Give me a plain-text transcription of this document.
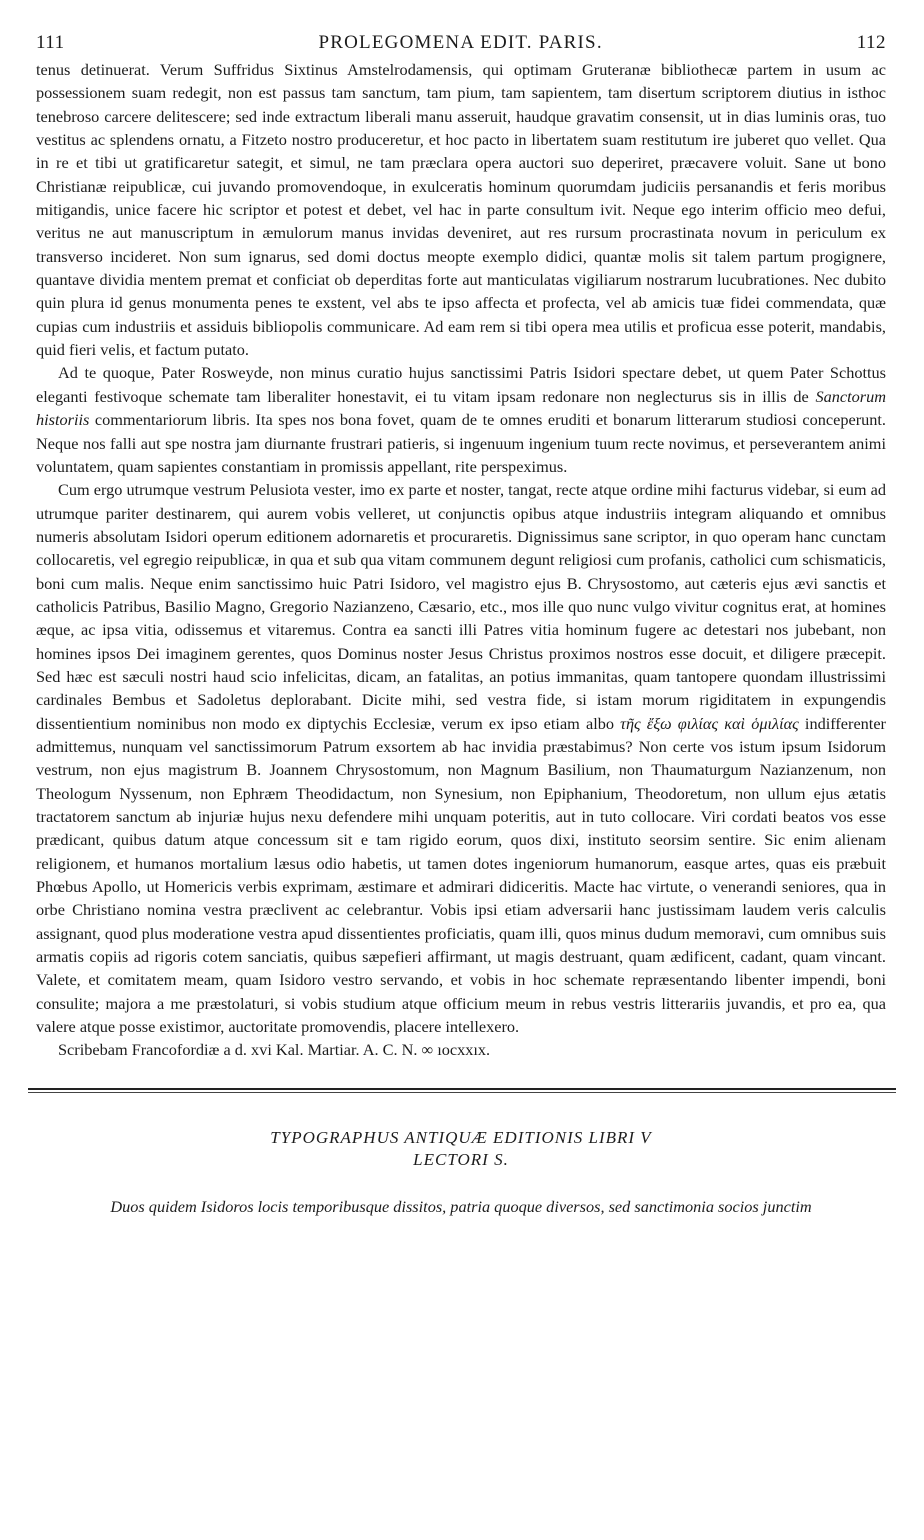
111	PROLEGOMENA EDIT. PARIS.	112

tenus detinuerat. Verum Suffridus Sixtinus Amstelrodamensis, qui optimam Gruteranæ bibliothecæ partem in usum ac possessionem suam redegit, non est passus tam sanctum, tam pium, tam sapientem, tam disertum scriptorem diutius in isthoc tenebroso carcere delitescere; sed inde extractum liberali manu asseruit, haudque gravatim consensit, ut in dias luminis oras, tuo vestitus ac splendens ornatu, a Fitzeto nostro produceretur, et hoc pacto in libertatem suam restitutum ire juberet quo vellet. Qua in re et tibi ut gratificaretur sategit, et simul, ne tam præclara opera auctori suo deperiret, præcavere voluit. Sane ut bono Christianæ reipublicæ, cui juvando promovendoque, in exulceratis hominum quorumdam judiciis persanandis et feris moribus mitigandis, unice facere hic scriptor et potest et debet, vel hac in parte consultum ivit. Neque ego interim officio meo defui, veritus ne aut manuscriptum in æmulorum manus invidas deveniret, aut res rursum procrastinata novum in periculum ex transverso incideret. Non sum ignarus, sed domi doctus meopte exemplo didici, quantæ molis sit talem partum progignere, quantave dividia mentem premat et conficiat ob deperditas forte aut manticulatas vigiliarum nostrarum lucubrationes. Nec dubito quin plura id genus monumenta penes te exstent, vel abs te ipso affecta et profecta, vel ab amicis tuæ fidei commendata, quæ cupias cum industriis et assiduis bibliopolis communicare. Ad eam rem si tibi opera mea utilis et proficua esse poterit, mandabis, quid fieri velis, et factum putato.

Ad te quoque, Pater Rosweyde, non minus curatio hujus sanctissimi Patris Isidori spectare debet, ut quem Pater Schottus eleganti festivoque schemate tam liberaliter honestavit, ei tu vitam ipsam redonare non neglecturus sis in illis de Sanctorum historiis commentariorum libris. Ita spes nos bona fovet, quam de te omnes eruditi et bonarum litterarum studiosi conceperunt. Neque nos falli aut spe nostra jam diurnante frustrari patieris, si ingenuum ingenium tuum recte novimus, et perseverantem animi voluntatem, quam sapientes constantiam in promissis appellant, rite perspeximus.

Cum ergo utrumque vestrum Pelusiota vester, imo ex parte et noster, tangat, recte atque ordine mihi facturus videbar, si eum ad utrumque pariter destinarem, qui aurem vobis velleret, ut conjunctis opibus atque industriis integram aliquando et omnibus numeris absolutam Isidori operum editionem adornaretis et procuraretis. Dignissimus sane scriptor, in quo operam hanc cunctam collocaretis, vel egregio reipublicæ, in qua et sub qua vitam communem degunt religiosi cum profanis, catholici cum schismaticis, boni cum malis. Neque enim sanctissimo huic Patri Isidoro, vel magistro ejus B. Chrysostomo, aut cæteris ejus ævi sanctis et catholicis Patribus, Basilio Magno, Gregorio Nazianzeno, Cæsario, etc., mos ille quo nunc vulgo vivitur cognitus erat, at homines æque, ac ipsa vitia, odissemus et vitaremus. Contra ea sancti illi Patres vitia hominum fugere ac detestari nos jubebant, non homines ipsos Dei imaginem gerentes, quos Dominus noster Jesus Christus proximos nostros esse docuit, et diligere præcepit. Sed hæc est sæculi nostri haud scio infelicitas, dicam, an fatalitas, an potius immanitas, quam tantopere quondam illustrissimi cardinales Bembus et Sadoletus deplorabant. Dicite mihi, sed vestra fide, si istam morum rigiditatem in expungendis dissentientium nominibus non modo ex diptychis Ecclesiæ, verum ex ipso etiam albo τῆς ἔξω φιλίας καὶ ὁμιλίας indifferenter admittemus, nunquam vel sanctissimorum Patrum exsortem ab hac invidia præstabimus? Non certe vos istum ipsum Isidorum vestrum, non ejus magistrum B. Joannem Chrysostomum, non Magnum Basilium, non Thaumaturgum Nazianzenum, non Theologum Nyssenum, non Ephræm Theodidactum, non Synesium, non Epiphanium, Theodoretum, non ullum ejus ætatis tractatorem sanctum ab injuriæ hujus nexu defendere mihi unquam poteritis, aut in tuto collocare. Viri cordati beatos vos esse prædicant, quibus datum atque concessum sit e tam rigido eorum, quos dixi, instituto seorsim sentire. Sic enim alienam religionem, et humanos mortalium læsus odio habetis, ut tamen dotes ingeniorum humanorum, easque artes, quas eis præbuit Phœbus Apollo, ut Homericis verbis exprimam, æstimare et admirari didiceritis. Macte hac virtute, o venerandi seniores, qua in orbe Christiano nomina vestra præclivent ac celebrantur. Vobis ipsi etiam adversarii hanc justissimam laudem veris calculis assignant, quod plus moderatione vestra apud dissentientes proficiatis, quam illi, quos minus dudum memoravi, cum omnibus suis armatis copiis ad rigoris cotem sanciatis, quibus sæpefieri affirmant, ut magis destruant, quam ædificent, cadant, quam vincant. Valete, et comitatem meam, quam Isidoro vestro servando, et vobis in hoc schemate repræsentando libenter impendi, boni consulite; majora a me præstolaturi, si vobis studium atque officium meum in rebus vestris litterariis juvandis, et pro ea, qua valere atque posse existimor, auctoritate promovendis, placere intellexero.

Scribebam Francofordiæ a d. xvi Kal. Martiar. A. C. N. ∞ ıocxxıx.

TYPOGRAPHUS ANTIQUÆ EDITIONIS LIBRI V
LECTORI S.
Duos quidem Isidoros locis temporibusque dissitos, patria quoque diversos, sed sanctimonia socios junctim
